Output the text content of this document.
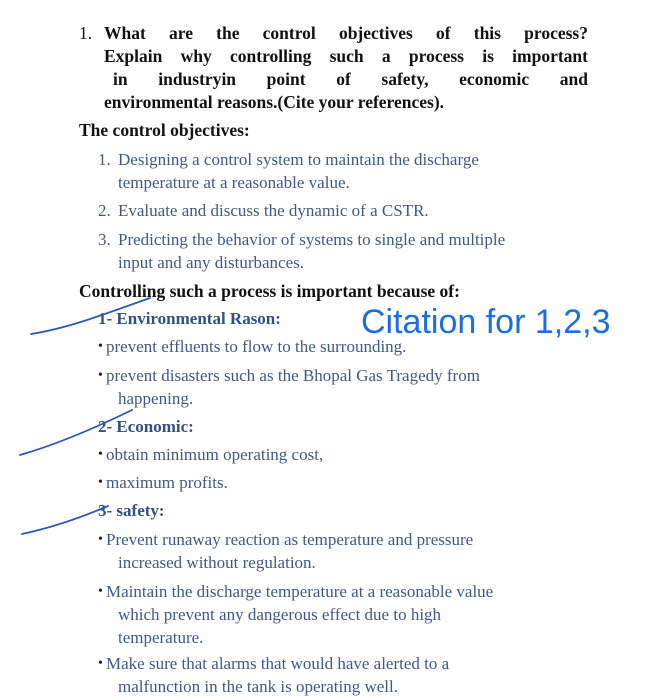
1. What are the control objectives of this process?
Explain why controlling such a process is important
in industryin point of safety, economic and
environmental reasons.(Cite your references).
The control objectives:
1. Designing a control system to maintain the discharge
temperature at a reasonable value.
2. Evaluate and discuss the dynamic of a CSTR.
3. Predicting the behavior of systems to single and multiple
input and any disturbances.
Controlling such a process is important because of:
1- Environmental Rason:
• prevent effluents to flow to the surrounding.
• prevent disasters such as the Bhopal Gas Tragedy from
happening.
2- Economic:
• obtain minimum operating cost,
• maximum profits.
3- safety:
• Prevent runaway reaction as temperature and pressure
increased without regulation.
• Maintain the discharge temperature at a reasonable value
which prevent any dangerous effect due to high
temperature.
• Make sure that alarms that would have alerted to a
malfunction in the tank is operating well.
Citation for 1,2,3
